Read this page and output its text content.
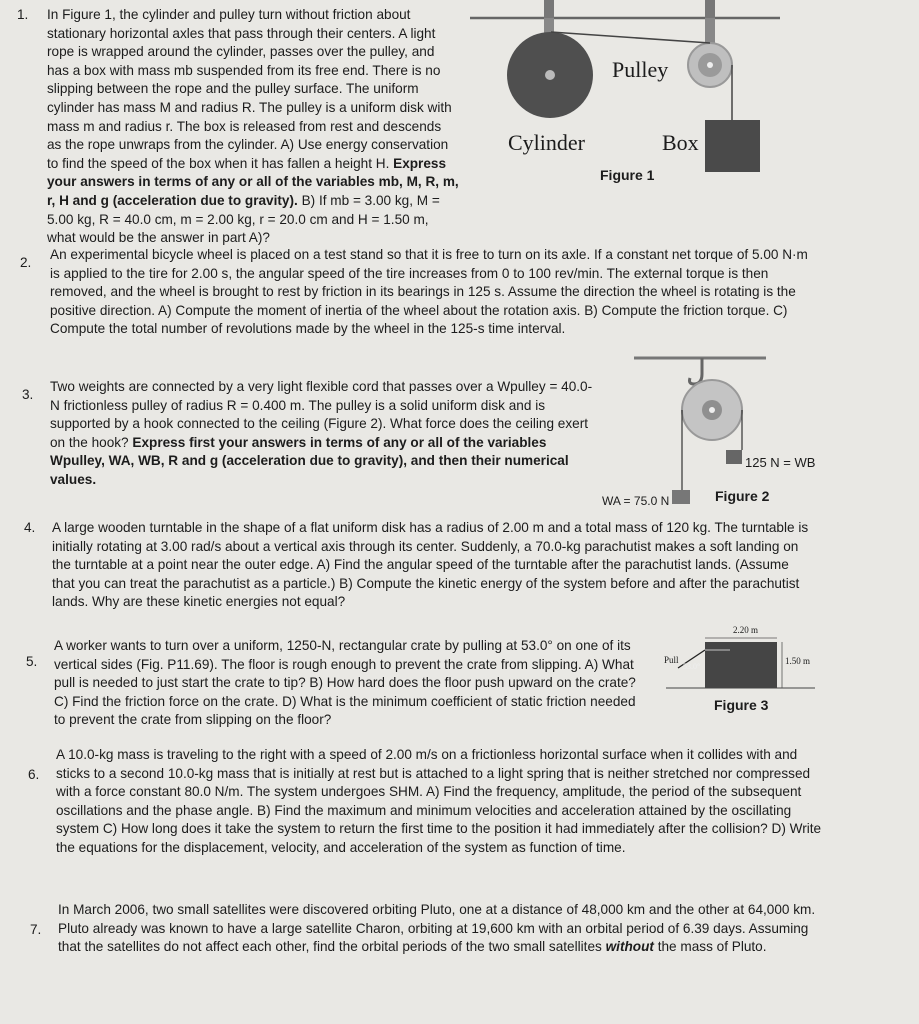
1. In Figure 1, the cylinder and pulley turn without friction about stationary horizontal axles that pass through their centers. A light rope is wrapped around the cylinder, passes over the pulley, and has a box with mass mb suspended from its free end. There is no slipping between the rope and the pulley surface. The uniform cylinder has mass M and radius R. The pulley is a uniform disk with mass m and radius r. The box is released from rest and descends as the rope unwraps from the cylinder. A) Use energy conservation to find the speed of the box when it has fallen a height H. Express your answers in terms of any or all of the variables mb, M, R, m, r, H and g (acceleration due to gravity). B) If mb = 3.00 kg, M = 5.00 kg, R = 40.0 cm, m = 2.00 kg, r = 20.0 cm and H = 1.50 m, what would be the answer in part A)?
Pulley
Cylinder	Box
Figure 1
2.
An experimental bicycle wheel is placed on a test stand so that it is free to turn on its axle. If a constant net torque of 5.00 N·m is applied to the tire for 2.00 s, the angular speed of the tire increases from 0 to 100 rev/min. The external torque is then removed, and the wheel is brought to rest by friction in its bearings in 125 s. Assume the direction the wheel is rotating is the positive direction. A) Compute the moment of inertia of the wheel about the rotation axis. B) Compute the friction torque. C) Compute the total number of revolutions made by the wheel in the 125-s time interval.
3.
Two weights are connected by a very light flexible cord that passes over a Wpulley = 40.0-N frictionless pulley of radius R = 0.400 m. The pulley is a solid uniform disk and is supported by a hook connected to the ceiling (Figure 2). What force does the ceiling exert on the hook? Express first your answers in terms of any or all of the variables Wpulley, WA, WB, R and g (acceleration due to gravity), and then their numerical values.
125 N = WB
WA = 75.0 N	Figure 2
4. A large wooden turntable in the shape of a flat uniform disk has a radius of 2.00 m and a total mass of 120 kg. The turntable is initially rotating at 3.00 rad/s about a vertical axis through its center. Suddenly, a 70.0-kg parachutist makes a soft landing on the turntable at a point near the outer edge. A) Find the angular speed of the turntable after the parachutist lands. (Assume that you can treat the parachutist as a particle.) B) Compute the kinetic energy of the system before and after the parachutist lands. Why are these kinetic energies not equal?
5.
A worker wants to turn over a uniform, 1250-N, rectangular crate by pulling at 53.0° on one of its vertical sides (Fig. P11.69). The floor is rough enough to prevent the crate from slipping. A) What pull is needed to just start the crate to tip? B) How hard does the floor push upward on the crate? C) Find the friction force on the crate. D) What is the minimum coefficient of static friction needed to prevent the crate from slipping on the floor?
2.20 m
1.50 m
Pull
53.0°
Figure 3
6.
A 10.0-kg mass is traveling to the right with a speed of 2.00 m/s on a frictionless horizontal surface when it collides with and sticks to a second 10.0-kg mass that is initially at rest but is attached to a light spring that is neither stretched nor compressed with a force constant 80.0 N/m. The system undergoes SHM. A) Find the frequency, amplitude, the period of the subsequent oscillations and the phase angle. B) Find the maximum and minimum velocities and acceleration attained by the oscillating system C) How long does it take the system to return the first time to the position it had immediately after the collision? D) Write the equations for the displacement, velocity, and acceleration of the system as function of time.
7.
In March 2006, two small satellites were discovered orbiting Pluto, one at a distance of 48,000 km and the other at 64,000 km. Pluto already was known to have a large satellite Charon, orbiting at 19,600 km with an orbital period of 6.39 days. Assuming that the satellites do not affect each other, find the orbital periods of the two small satellites without the mass of Pluto.
